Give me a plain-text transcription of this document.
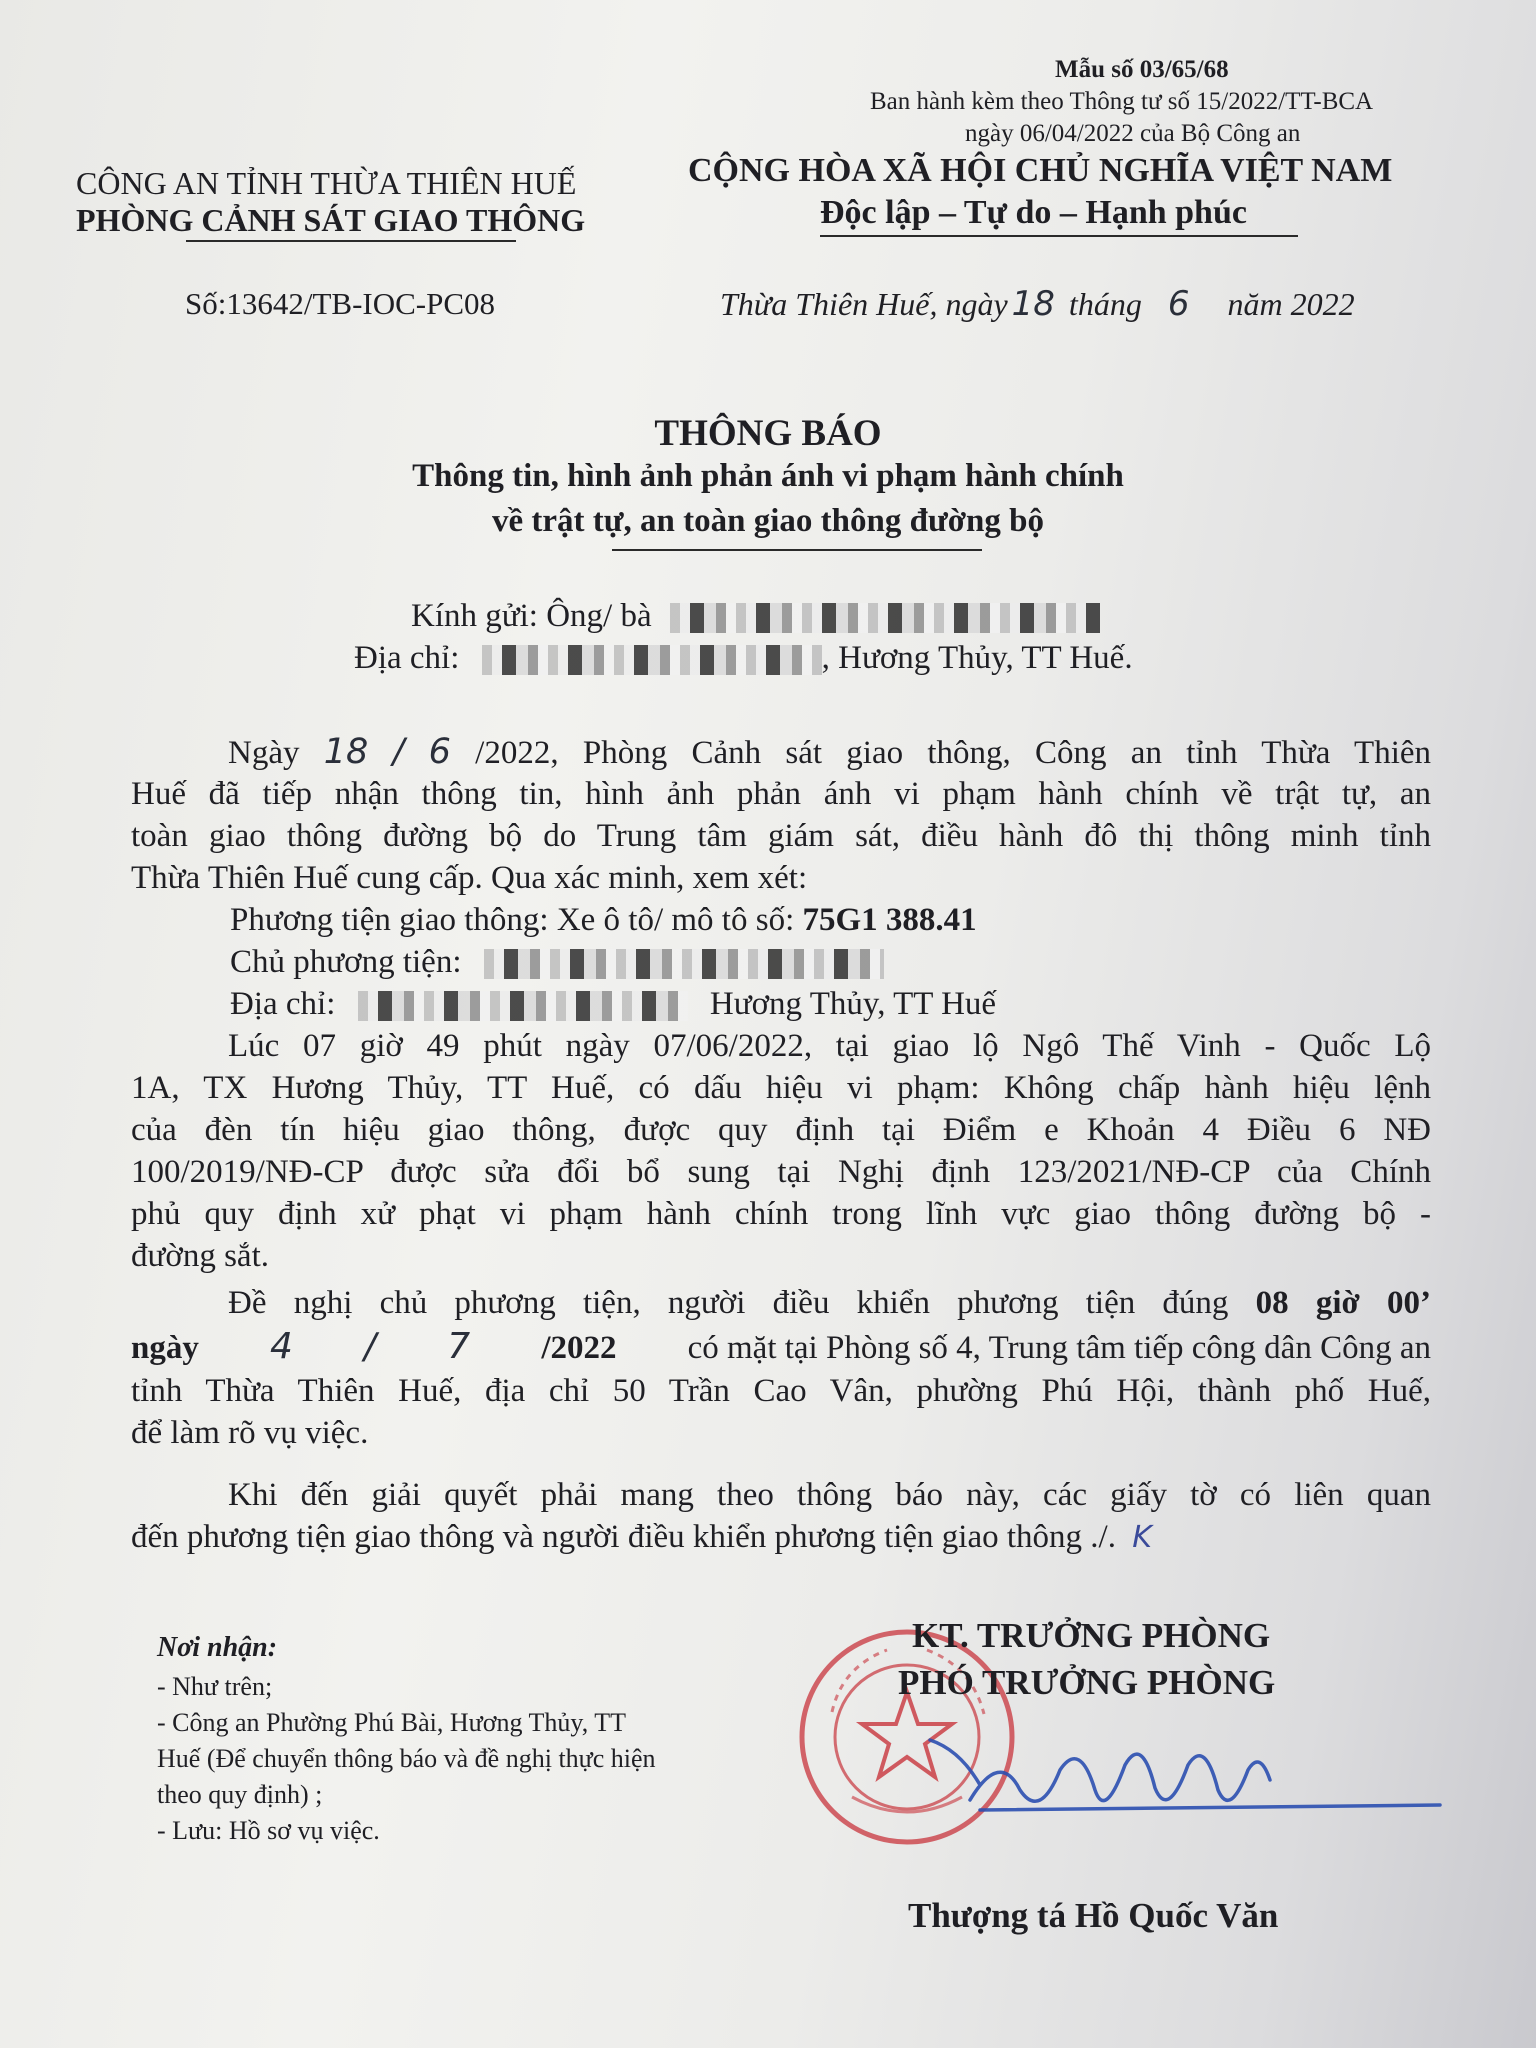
Mẫu số 03/65/68
Ban hành kèm theo Thông tư số 15/2022/TT-BCA
ngày 06/04/2022 của Bộ Công an
CÔNG AN TỈNH THỪA THIÊN HUẾ
PHÒNG CẢNH SÁT GIAO THÔNG
CỘNG HÒA XÃ HỘI CHỦ NGHĨA VIỆT NAM
Độc lập – Tự do – Hạnh phúc
Số:13642/TB-IOC-PC08	Thừa Thiên Huế, ngày 18 tháng 6 năm 2022
THÔNG BÁO
Thông tin, hình ảnh phản ánh vi phạm hành chính
về trật tự, an toàn giao thông đường bộ
Kính gửi: Ông/ bà
Địa chỉ:	, Hương Thủy, TT Huế.
Ngày 18 / 6 /2022, Phòng Cảnh sát giao thông, Công an tỉnh Thừa Thiên
Huế đã tiếp nhận thông tin, hình ảnh phản ánh vi phạm hành chính về trật tự, an
toàn giao thông đường bộ do Trung tâm giám sát, điều hành đô thị thông minh tỉnh
Thừa Thiên Huế cung cấp. Qua xác minh, xem xét:
Phương tiện giao thông: Xe ô tô/ mô tô số: 75G1 388.41
Chủ phương tiện:
Địa chỉ:	Hương Thủy, TT Huế
Lúc 07 giờ 49 phút ngày 07/06/2022, tại giao lộ Ngô Thế Vinh - Quốc Lộ
1A, TX Hương Thủy, TT Huế, có dấu hiệu vi phạm: Không chấp hành hiệu lệnh
của đèn tín hiệu giao thông, được quy định tại Điểm e Khoản 4 Điều 6 NĐ
100/2019/NĐ-CP được sửa đổi bổ sung tại Nghị định 123/2021/NĐ-CP của Chính
phủ quy định xử phạt vi phạm hành chính trong lĩnh vực giao thông đường bộ -
đường sắt.
Đề nghị chủ phương tiện, người điều khiển phương tiện đúng 08 giờ 00’
ngày 4 / 7 /2022 có mặt tại Phòng số 4, Trung tâm tiếp công dân Công an
tỉnh Thừa Thiên Huế, địa chỉ 50 Trần Cao Vân, phường Phú Hội, thành phố Huế,
để làm rõ vụ việc.
Khi đến giải quyết phải mang theo thông báo này, các giấy tờ có liên quan
đến phương tiện giao thông và người điều khiển phương tiện giao thông ./. K
Nơi nhận:
- Như trên;
- Công an Phường Phú Bài, Hương Thủy, TT
Huế (Để chuyển thông báo và đề nghị thực hiện
theo quy định) ;
- Lưu: Hồ sơ vụ việc.
KT. TRƯỞNG PHÒNG
PHÓ TRƯỞNG PHÒNG
Thượng tá Hồ Quốc Văn
